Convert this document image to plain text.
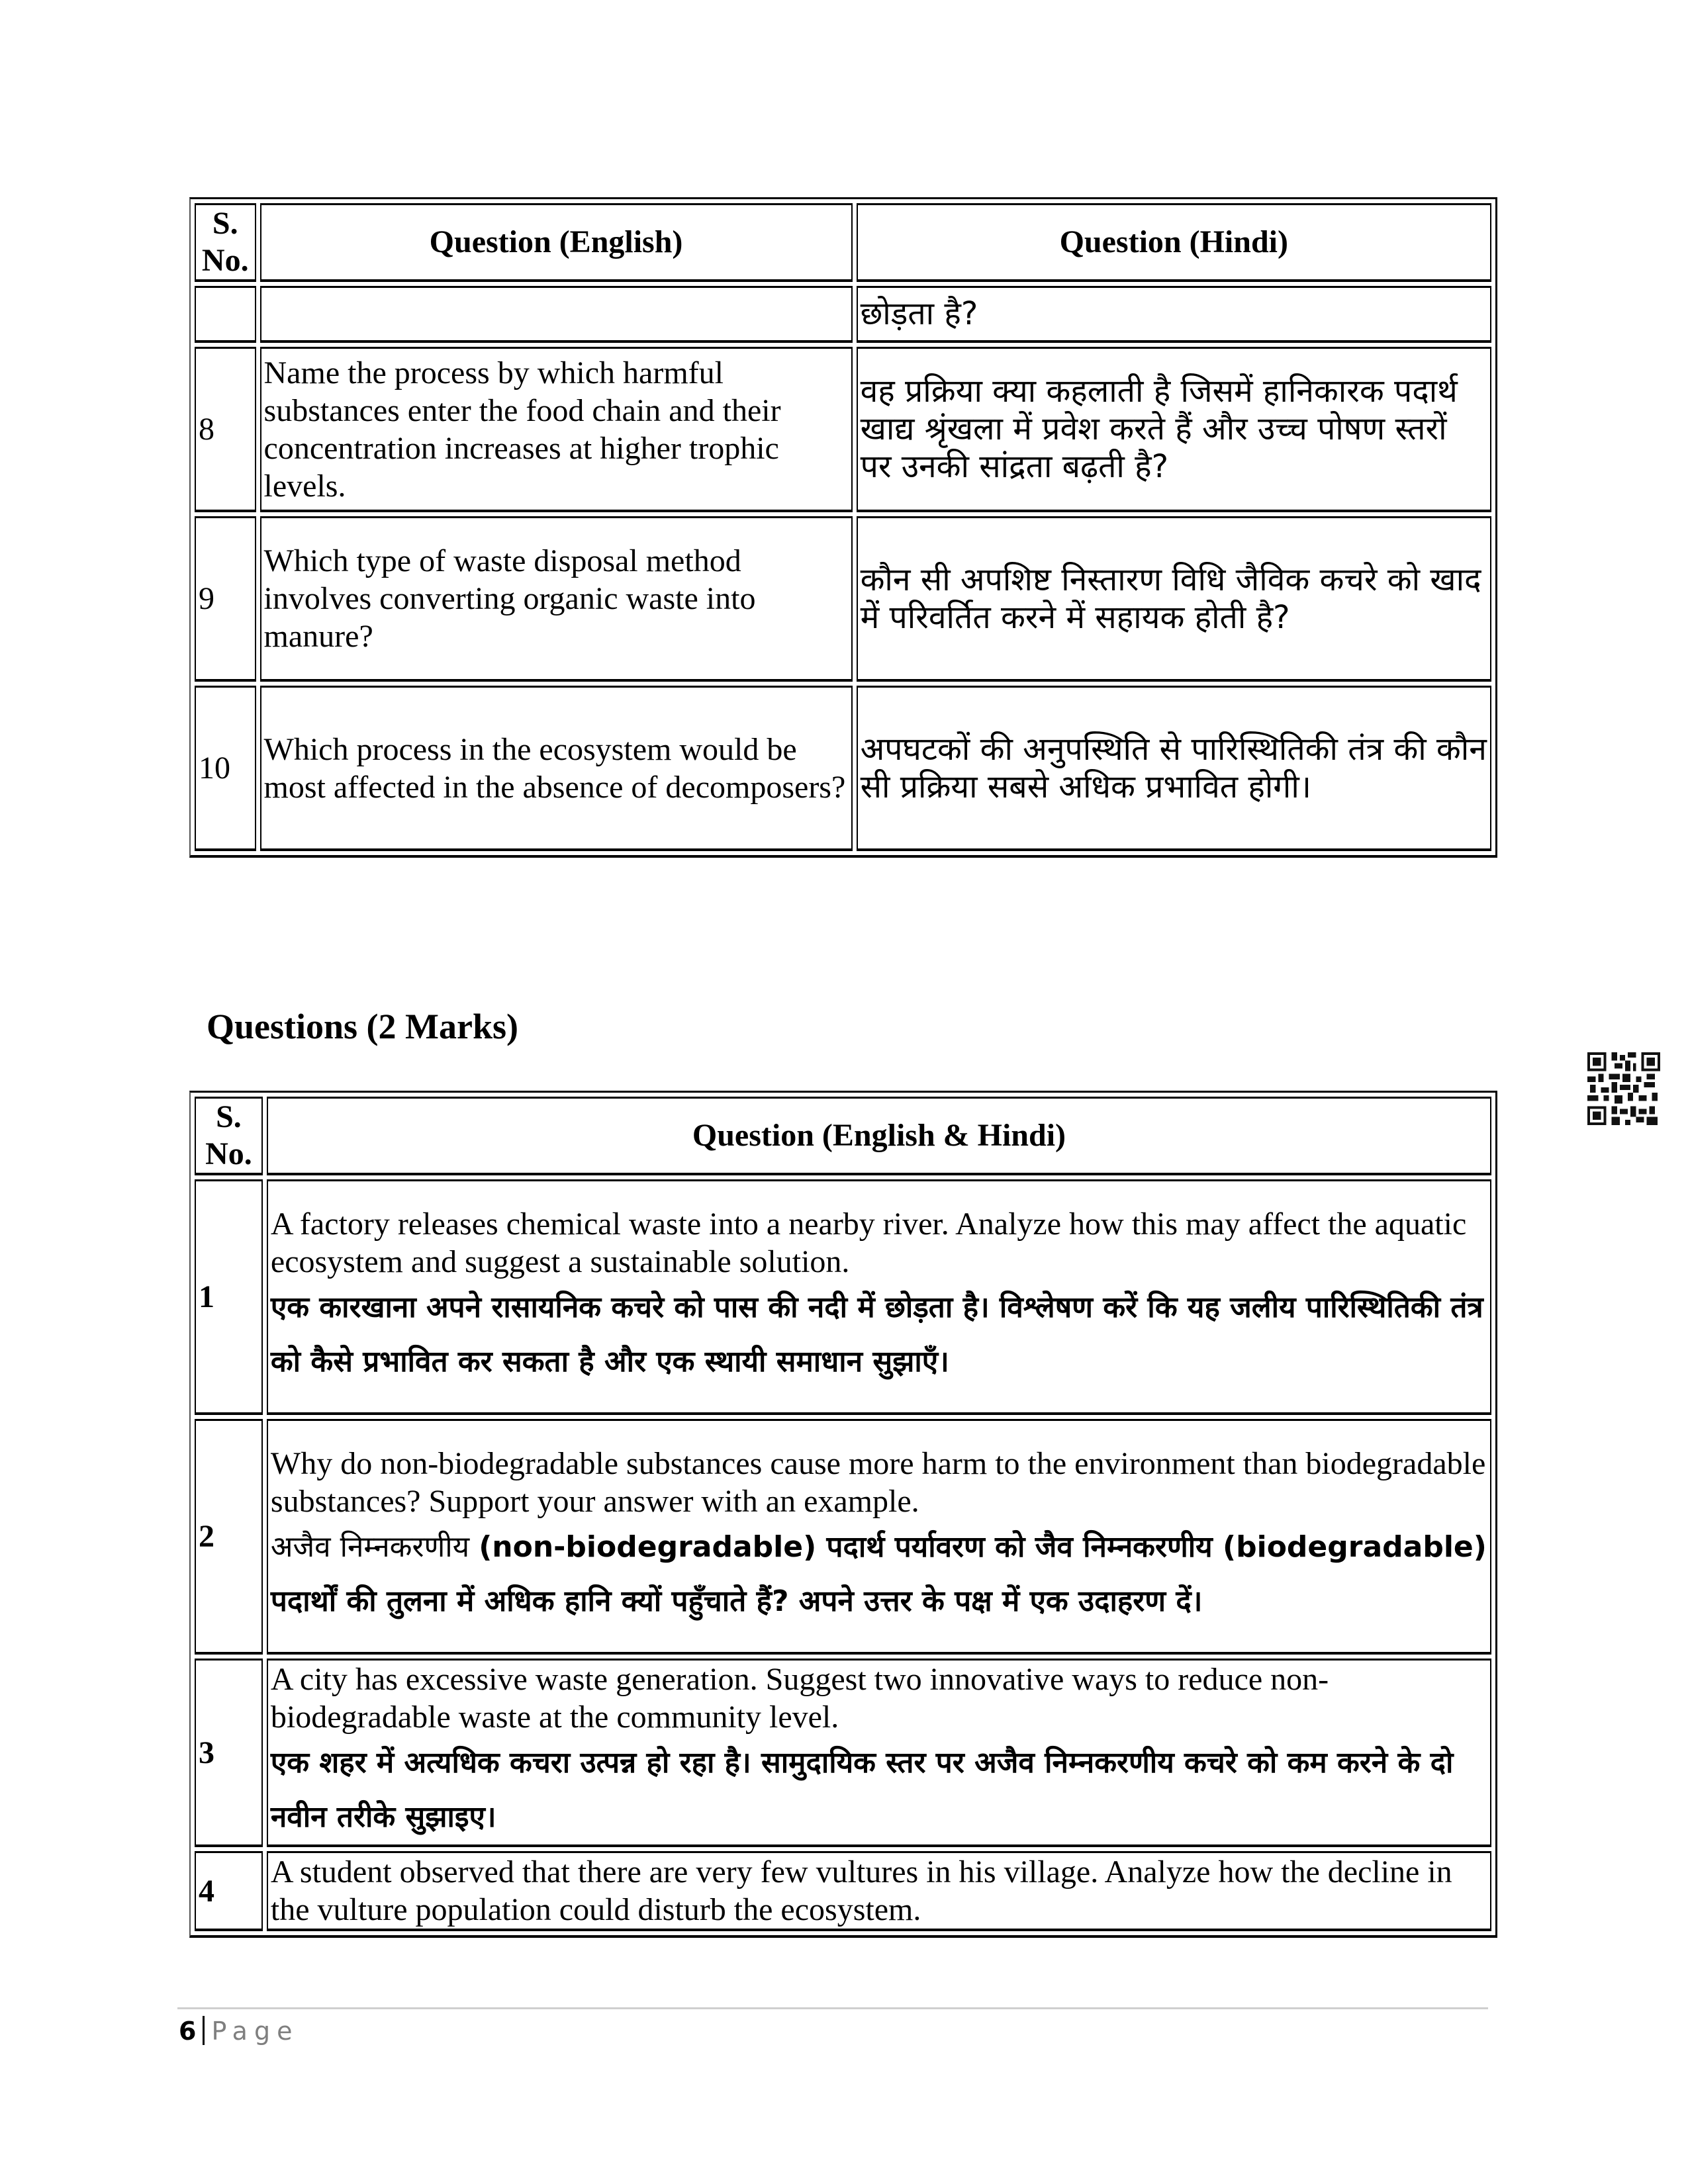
S. No.	Question (English)	Question (Hindi)
		छोड़ता है?
8	Name the process by which harmful substances enter the food chain and their concentration increases at higher trophic levels.	वह प्रक्रिया क्या कहलाती है जिसमें हानिकारक पदार्थ खाद्य श्रृंखला में प्रवेश करते हैं और उच्च पोषण स्तरों पर उनकी सांद्रता बढ़ती है?
9	Which type of waste disposal method involves converting organic waste into manure?	कौन सी अपशिष्ट निस्तारण विधि जैविक कचरे को खाद में परिवर्तित करने में सहायक होती है?
10	Which process in the ecosystem would be most affected in the absence of decomposers?	अपघटकों की अनुपस्थिति से पारिस्थितिकी तंत्र की कौन सी प्रक्रिया सबसे अधिक प्रभावित होगी।
Questions (2 Marks)
S. No.	Question (English & Hindi)
1	A factory releases chemical waste into a nearby river. Analyze how this may affect the aquatic ecosystem and suggest a sustainable solution.
एक कारखाना अपने रासायनिक कचरे को पास की नदी में छोड़ता है। विश्लेषण करें कि यह जलीय पारिस्थितिकी तंत्र को कैसे प्रभावित कर सकता है और एक स्थायी समाधान सुझाएँ।

2	Why do non-biodegradable substances cause more harm to the environment than biodegradable substances? Support your answer with an example.
अजैव निम्नकरणीय (non-biodegradable) पदार्थ पर्यावरण को जैव निम्नकरणीय (biodegradable) पदार्थों की तुलना में अधिक हानि क्यों पहुँचाते हैं? अपने उत्तर के पक्ष में एक उदाहरण दें।

3	A city has excessive waste generation. Suggest two innovative ways to reduce non-biodegradable waste at the community level.
एक शहर में अत्यधिक कचरा उत्पन्न हो रहा है। सामुदायिक स्तर पर अजैव निम्नकरणीय कचरे को कम करने के दो नवीन तरीके सुझाइए।

4	A student observed that there are very few vultures in his village. Analyze how the decline in the vulture population could disturb the ecosystem.
6 Page
